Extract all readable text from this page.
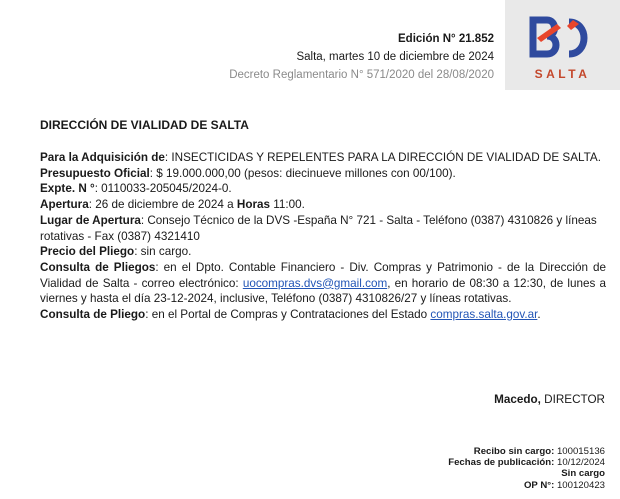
Edición N° 21.852
Salta, martes 10 de diciembre de 2024
Decreto Reglamentario N° 571/2020 del 28/08/2020	SALTA
DIRECCIÓN DE VIALIDAD DE SALTA

Para la Adquisición de: INSECTICIDAS Y REPELENTES PARA LA DIRECCIÓN DE VIALIDAD DE SALTA.

Presupuesto Oficial: $ 19.000.000,00 (pesos: diecinueve millones con 00/100).

Expte. N °: 0110033-205045/2024-0.

Apertura: 26 de diciembre de 2024 a Horas 11:00.

Lugar de Apertura: Consejo Técnico de la DVS -España N° 721 - Salta - Teléfono (0387) 4310826 y líneas rotativas - Fax (0387) 4321410

Precio del Pliego: sin cargo.

Consulta de Pliegos: en el Dpto. Contable Financiero - Div. Compras y Patrimonio - de la Dirección de Vialidad de Salta - correo electrónico: uocompras.dvs@gmail.com, en horario de 08:30 a 12:30, de lunes a viernes y hasta el día 23-12-2024, inclusive, Teléfono (0387) 4310826/27 y líneas rotativas.

Consulta de Pliego: en el Portal de Compras y Contrataciones del Estado compras.salta.gov.ar.

Macedo, DIRECTOR
Recibo sin cargo: 100015136
Fechas de publicación: 10/12/2024
Sin cargo
OP N°: 100120423
